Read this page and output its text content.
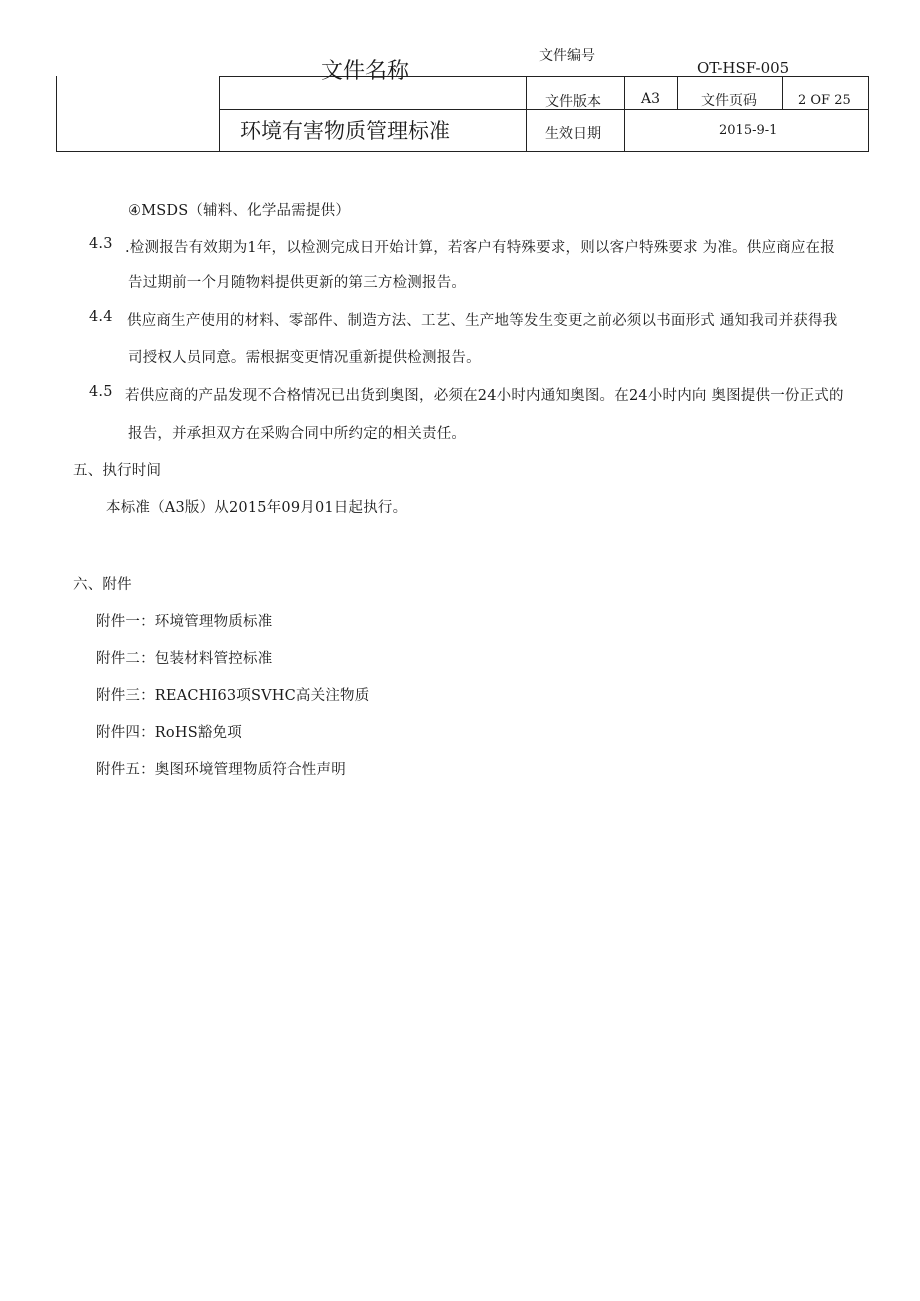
文件名称
文件编号
OT-HSF-005
文件版本	A3	文件页码	2 OF 25
环境有害物质管理标准	生效日期	2015-9-1
④MSDS（辅料、化学品需提供）
4.3 .检测报告有效期为1年，以检测完成日开始计算，若客户有特殊要求，则以客户特殊要求 为准。供应商应在报
告过期前一个月随物料提供更新的第三方检测报告。
4.4 供应商生产使用的材料、零部件、制造方法、工艺、生产地等发生变更之前必须以书面形式 通知我司并获得我
司授权人员同意。需根据变更情况重新提供检测报告。
4.5 若供应商的产品发现不合格情况已出货到奥图，必须在24小时内通知奥图。在24小时内向 奥图提供一份正式的
报告，并承担双方在采购合同中所约定的相关责任。
五、执行时间
本标准（A3版）从2015年09月01日起执行。
六、附件
附件一：环境管理物质标准
附件二：包装材料管控标准
附件三：REACHI63项SVHC高关注物质
附件四：RoHS豁免项
附件五：奥图环境管理物质符合性声明
